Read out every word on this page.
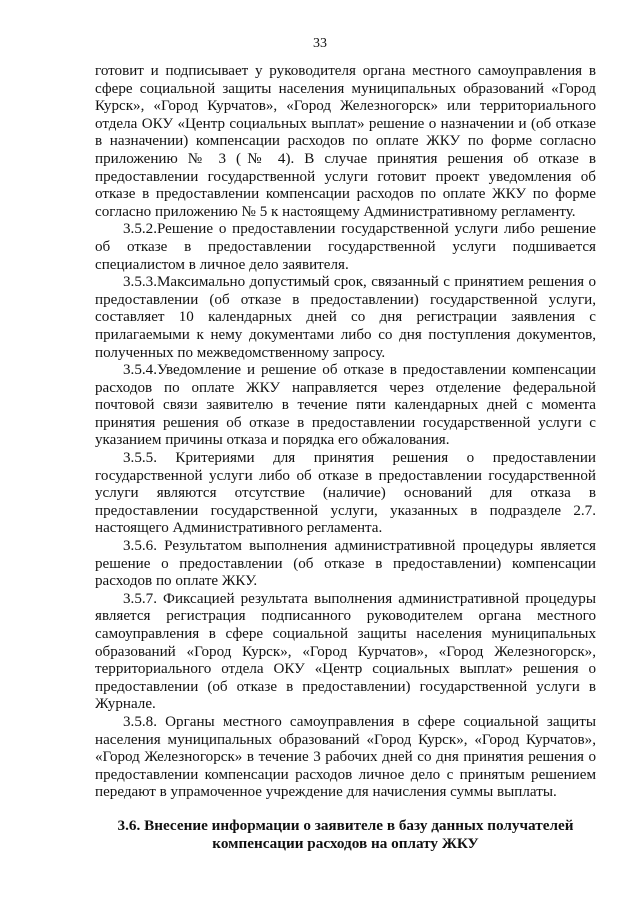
33

готовит и подписывает у руководителя органа местного самоуправления в сфере социальной защиты населения муниципальных образований «Город Курск», «Город Курчатов», «Город Железногорск» или территориального отдела ОКУ «Центр социальных выплат» решение о назначении и (об отказе в назначении) компенсации расходов по оплате ЖКУ по форме согласно приложению № 3 (№ 4). В случае принятия решения об отказе в предоставлении государственной услуги готовит проект уведомления об отказе в предоставлении компенсации расходов по оплате ЖКУ по форме согласно приложению № 5 к настоящему Административному регламенту.

3.5.2.Решение о предоставлении государственной услуги либо решение об отказе в предоставлении государственной услуги подшивается специалистом в личное дело заявителя.

3.5.3.Максимально допустимый срок, связанный с принятием решения о предоставлении (об отказе в предоставлении) государственной услуги, составляет 10 календарных дней со дня регистрации заявления с прилагаемыми к нему документами либо со дня поступления документов, полученных по межведомственному запросу.

3.5.4.Уведомление и решение об отказе в предоставлении компенсации расходов по оплате ЖКУ направляется через отделение федеральной почтовой связи заявителю в течение пяти календарных дней с момента принятия решения об отказе в предоставлении государственной услуги с указанием причины отказа и порядка его обжалования.

3.5.5. Критериями для принятия решения о предоставлении государственной услуги либо об отказе в предоставлении государственной услуги являются отсутствие (наличие) оснований для отказа в предоставлении государственной услуги, указанных в подразделе 2.7. настоящего Административного регламента.

3.5.6. Результатом выполнения административной процедуры является решение о предоставлении (об отказе в предоставлении) компенсации расходов по оплате ЖКУ.

3.5.7. Фиксацией результата выполнения административной процедуры является регистрация подписанного руководителем органа местного самоуправления в сфере социальной защиты населения муниципальных образований «Город Курск», «Город Курчатов», «Город Железногорск», территориального отдела ОКУ «Центр социальных выплат» решения о предоставлении (об отказе в предоставлении) государственной услуги в Журнале.

3.5.8. Органы местного самоуправления в сфере социальной защиты населения муниципальных образований «Город Курск», «Город Курчатов», «Город Железногорск» в течение 3 рабочих дней со дня принятия решения о предоставлении компенсации расходов личное дело с принятым решением передают в упрамоченное учреждение для начисления суммы выплаты.

3.6. Внесение информации о заявителе в базу данных получателей компенсации расходов на оплату ЖКУ
